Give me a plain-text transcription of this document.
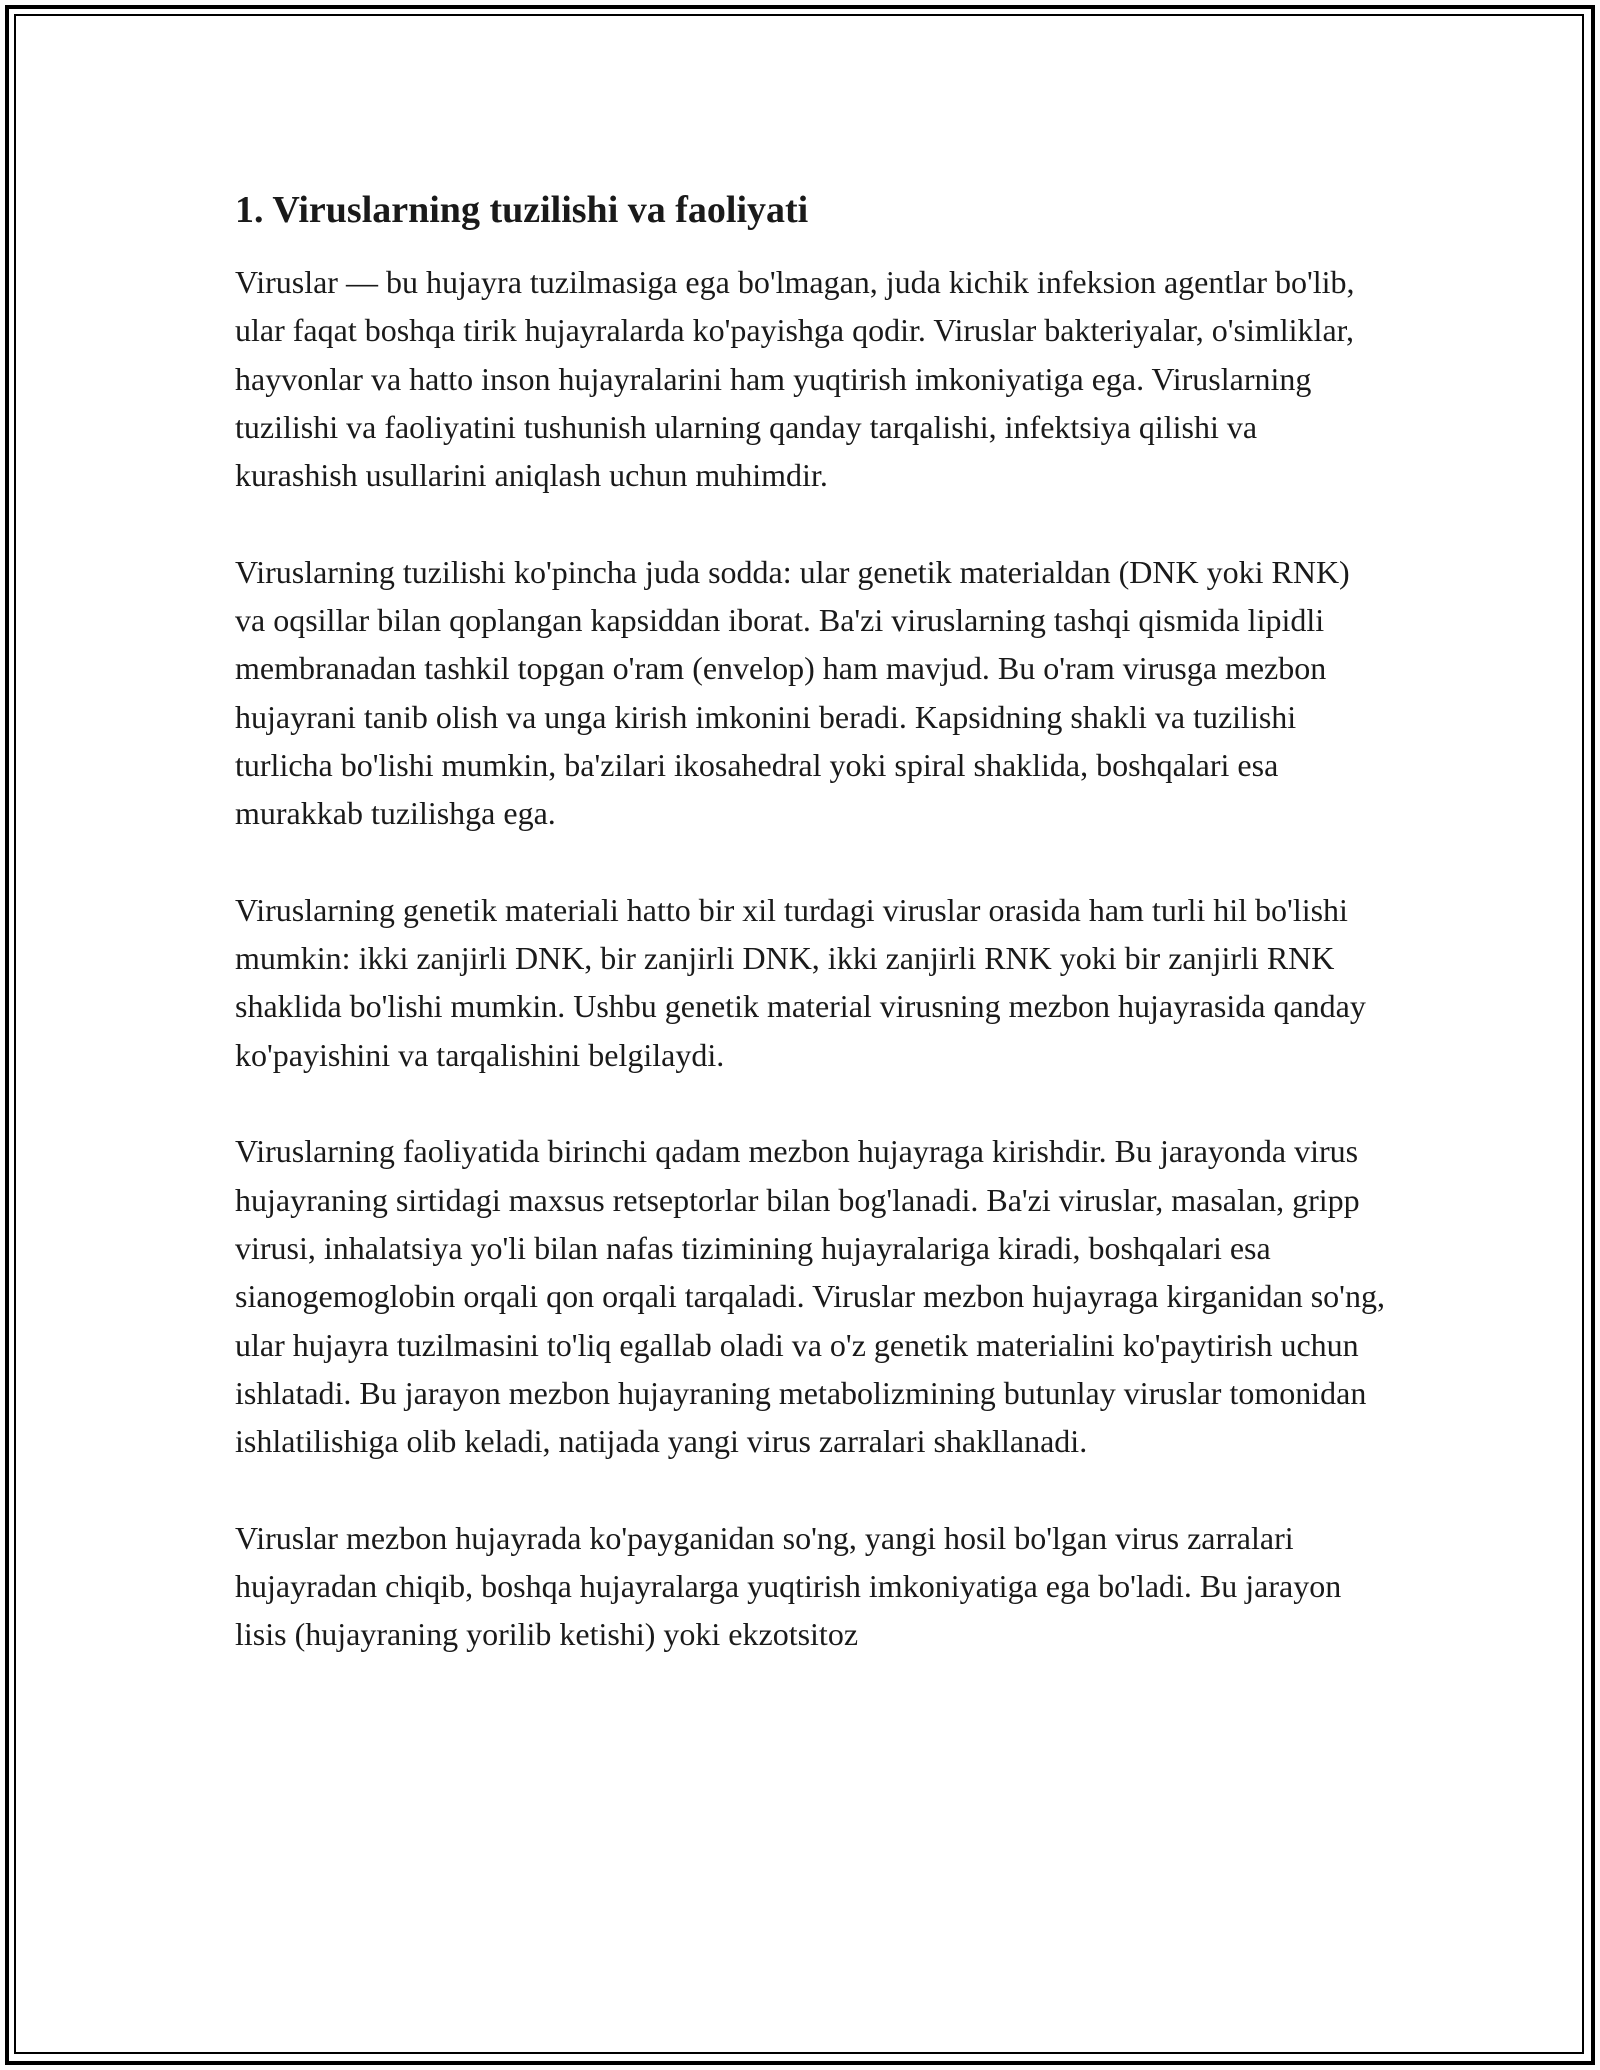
1. Viruslarning tuzilishi va faoliyati

Viruslar — bu hujayra tuzilmasiga ega bo'lmagan, juda kichik infeksion agentlar bo'lib, ular faqat boshqa tirik hujayralarda ko'payishga qodir. Viruslar bakteriyalar, o'simliklar, hayvonlar va hatto inson hujayralarini ham yuqtirish imkoniyatiga ega. Viruslarning tuzilishi va faoliyatini tushunish ularning qanday tarqalishi, infektsiya qilishi va kurashish usullarini aniqlash uchun muhimdir.

Viruslarning tuzilishi ko'pincha juda sodda: ular genetik materialdan (DNK yoki RNK) va oqsillar bilan qoplangan kapsiddan iborat. Ba'zi viruslarning tashqi qismida lipidli membranadan tashkil topgan o'ram (envelop) ham mavjud. Bu o'ram virusga mezbon hujayrani tanib olish va unga kirish imkonini beradi. Kapsidning shakli va tuzilishi turlicha bo'lishi mumkin, ba'zilari ikosahedral yoki spiral shaklida, boshqalari esa murakkab tuzilishga ega.

Viruslarning genetik materiali hatto bir xil turdagi viruslar orasida ham turli hil bo'lishi mumkin: ikki zanjirli DNK, bir zanjirli DNK, ikki zanjirli RNK yoki bir zanjirli RNK shaklida bo'lishi mumkin. Ushbu genetik material virusning mezbon hujayrasida qanday ko'payishini va tarqalishini belgilaydi.

Viruslarning faoliyatida birinchi qadam mezbon hujayraga kirishdir. Bu jarayonda virus hujayraning sirtidagi maxsus retseptorlar bilan bog'lanadi. Ba'zi viruslar, masalan, gripp virusi, inhalatsiya yo'li bilan nafas tizimining hujayralariga kiradi, boshqalari esa sianogemoglobin orqali qon orqali tarqaladi. Viruslar mezbon hujayraga kirganidan so'ng, ular hujayra tuzilmasini to'liq egallab oladi va o'z genetik materialini ko'paytirish uchun ishlatadi. Bu jarayon mezbon hujayraning metabolizmining butunlay viruslar tomonidan ishlatilishiga olib keladi, natijada yangi virus zarralari shakllanadi.

Viruslar mezbon hujayrada ko'payganidan so'ng, yangi hosil bo'lgan virus zarralari hujayradan chiqib, boshqa hujayralarga yuqtirish imkoniyatiga ega bo'ladi. Bu jarayon lisis (hujayraning yorilib ketishi) yoki ekzotsitoz
